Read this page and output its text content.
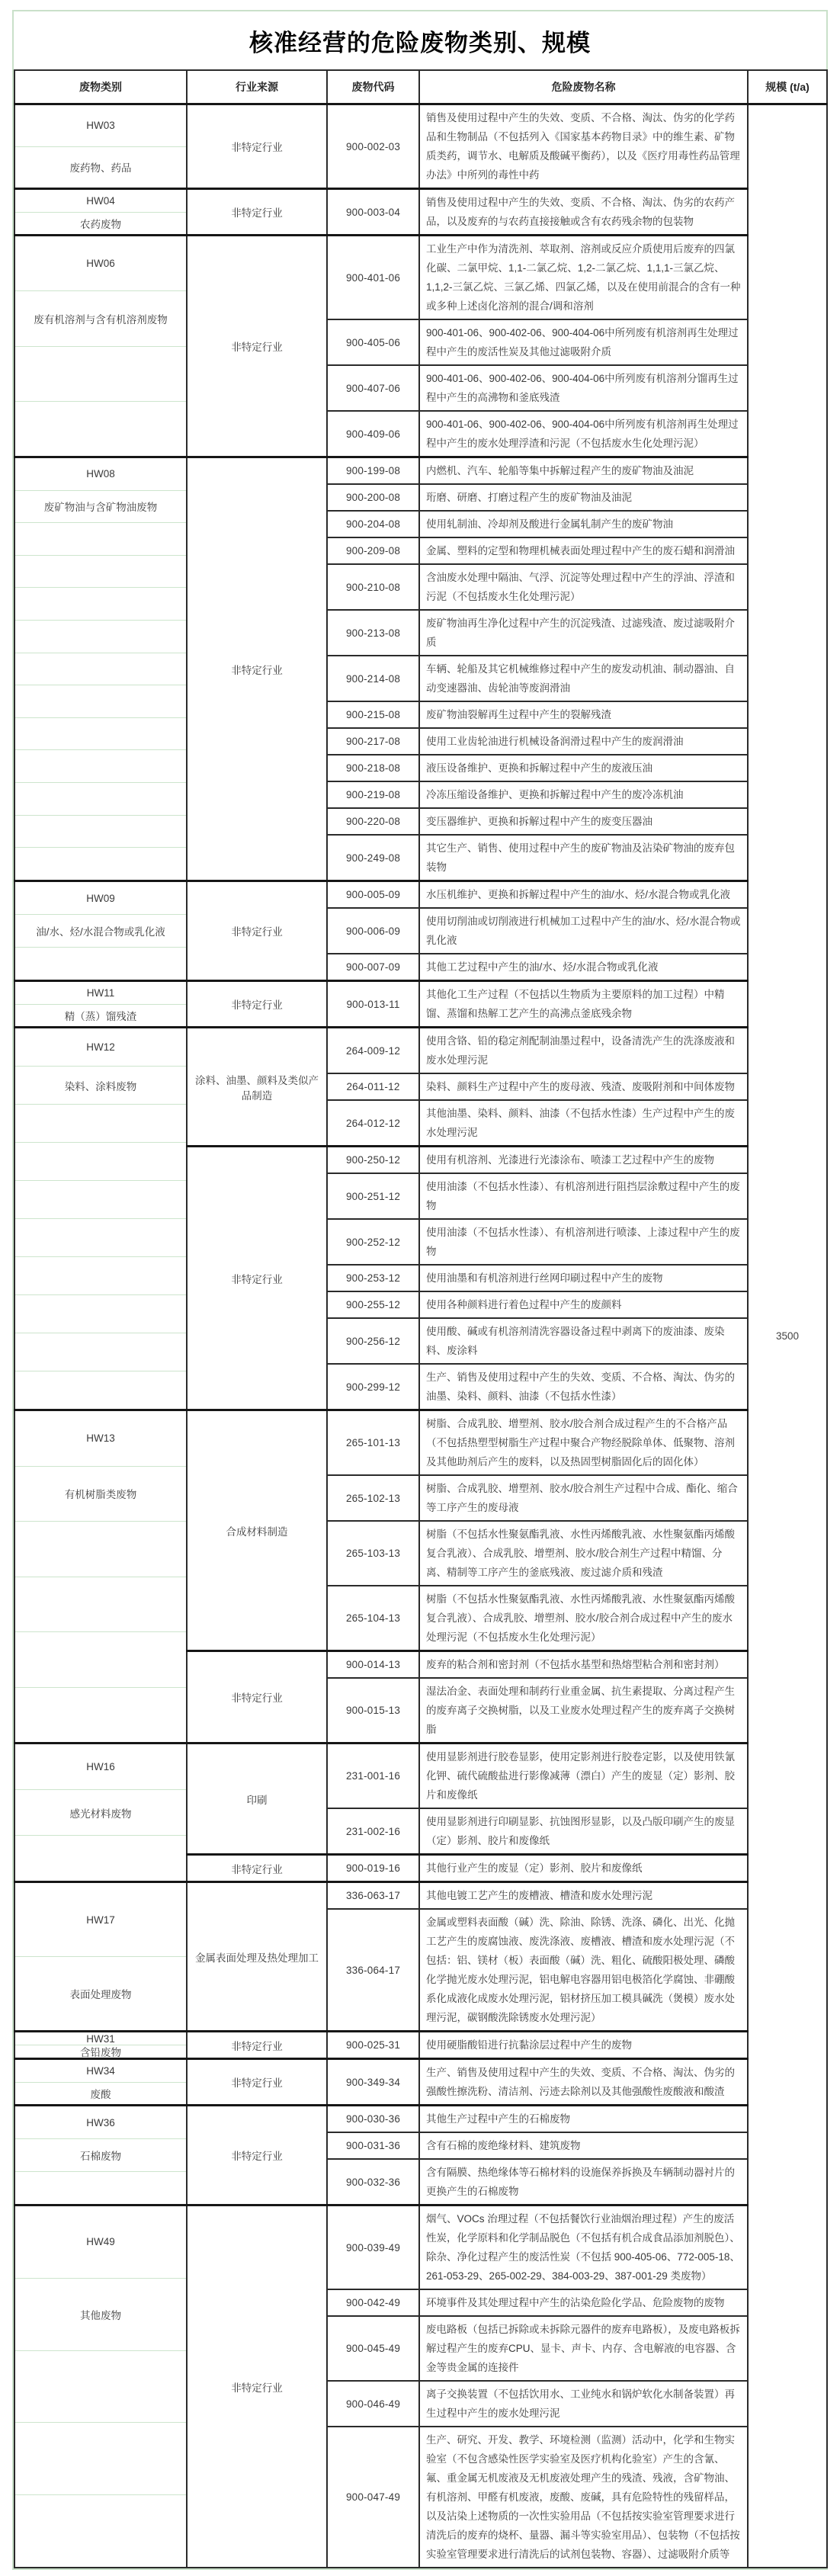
核准经营的危险废物类别、规模
废物类别	行业来源	废物代码	危险废物名称	规模 (t/a)

HW03
废药物、药品	非特定行业	900-002-03	销售及使用过程中产生的失效、变质、不合格、淘汰、伪劣的化学药品和生物制品（不包括列入《国家基本药物目录》中的维生素、矿物质类药，调节水、电解质及酸碱平衡药），以及《医疗用毒性药品管理办法》中所列的毒性中药	3500

HW04
农药废物	非特定行业	900-003-04	销售及使用过程中产生的失效、变质、不合格、淘汰、伪劣的农药产品，以及废弃的与农药直接接触或含有农药残余物的包装物	

HW06
废有机溶剂与含有机溶剂废物	非特定行业	900-401-06	工业生产中作为清洗剂、萃取剂、溶剂或反应介质使用后废弃的四氯化碳、二氯甲烷、1,1-二氯乙烷、1,2-二氯乙烷、1,1,1-三氯乙烷、1,1,2-三氯乙烷、三氯乙烯、四氯乙烯，以及在使用前混合的含有一种或多种上述卤化溶剂的混合/调和溶剂	
		900-405-06	900-401-06、900-402-06、900-404-06中所列废有机溶剂再生处理过程中产生的废活性炭及其他过滤吸附介质	
		900-407-06	900-401-06、900-402-06、900-404-06中所列废有机溶剂分馏再生过程中产生的高沸物和釜底残渣	
		900-409-06	900-401-06、900-402-06、900-404-06中所列废有机溶剂再生处理过程中产生的废水处理浮渣和污泥（不包括废水生化处理污泥）	

HW08
废矿物油与含矿物油废物	非特定行业	900-199-08	内燃机、汽车、轮船等集中拆解过程产生的废矿物油及油泥	
		900-200-08	珩磨、研磨、打磨过程产生的废矿物油及油泥	
		900-204-08	使用轧制油、冷却剂及酸进行金属轧制产生的废矿物油	
		900-209-08	金属、塑料的定型和物理机械表面处理过程中产生的废石蜡和润滑油	
		900-210-08	含油废水处理中隔油、气浮、沉淀等处理过程中产生的浮油、浮渣和污泥（不包括废水生化处理污泥）	
		900-213-08	废矿物油再生净化过程中产生的沉淀残渣、过滤残渣、废过滤吸附介质	
		900-214-08	车辆、轮船及其它机械维修过程中产生的废发动机油、制动器油、自动变速器油、齿轮油等废润滑油	
		900-215-08	废矿物油裂解再生过程中产生的裂解残渣	
		900-217-08	使用工业齿轮油进行机械设备润滑过程中产生的废润滑油	
		900-218-08	液压设备维护、更换和拆解过程中产生的废液压油	
		900-219-08	冷冻压缩设备维护、更换和拆解过程中产生的废冷冻机油	
		900-220-08	变压器维护、更换和拆解过程中产生的废变压器油	
		900-249-08	其它生产、销售、使用过程中产生的废矿物油及沾染矿物油的废弃包装物	

HW09
油/水、烃/水混合物或乳化液	非特定行业	900-005-09	水压机维护、更换和拆解过程中产生的油/水、烃/水混合物或乳化液	
		900-006-09	使用切削油或切削液进行机械加工过程中产生的油/水、烃/水混合物或乳化液	
		900-007-09	其他工艺过程中产生的油/水、烃/水混合物或乳化液	

HW11
精（蒸）馏残渣	非特定行业	900-013-11	其他化工生产过程（不包括以生物质为主要原料的加工过程）中精馏、蒸馏和热解工艺产生的高沸点釜底残余物	

HW12
染料、涂料废物	涂料、油墨、颜料及类似产品制造	264-009-12	使用含铬、铅的稳定剂配制油墨过程中，设备清洗产生的洗涤废液和废水处理污泥	
		264-011-12	染料、颜料生产过程中产生的废母液、残渣、废吸附剂和中间体废物	
		264-012-12	其他油墨、染料、颜料、油漆（不包括水性漆）生产过程中产生的废水处理污泥	
	非特定行业	900-250-12	使用有机溶剂、光漆进行光漆涂布、喷漆工艺过程中产生的废物	
		900-251-12	使用油漆（不包括水性漆）、有机溶剂进行阻挡层涂敷过程中产生的废物	
		900-252-12	使用油漆（不包括水性漆）、有机溶剂进行喷漆、上漆过程中产生的废物	
		900-253-12	使用油墨和有机溶剂进行丝网印刷过程中产生的废物	
		900-255-12	使用各种颜料进行着色过程中产生的废颜料	
		900-256-12	使用酸、碱或有机溶剂清洗容器设备过程中剥离下的废油漆、废染料、废涂料	
		900-299-12	生产、销售及使用过程中产生的失效、变质、不合格、淘汰、伪劣的油墨、染料、颜料、油漆（不包括水性漆）	

HW13
有机树脂类废物	合成材料制造	265-101-13	树脂、合成乳胶、增塑剂、胶水/胶合剂合成过程产生的不合格产品（不包括热塑型树脂生产过程中聚合产物经脱除单体、低聚物、溶剂及其他助剂后产生的废料，以及热固型树脂固化后的固化体）	
		265-102-13	树脂、合成乳胶、增塑剂、胶水/胶合剂生产过程中合成、酯化、缩合等工序产生的废母液	
		265-103-13	树脂（不包括水性聚氨酯乳液、水性丙烯酸乳液、水性聚氨酯丙烯酸复合乳液）、合成乳胶、增塑剂、胶水/胶合剂生产过程中精馏、分离、精制等工序产生的釜底残液、废过滤介质和残渣	
		265-104-13	树脂（不包括水性聚氨酯乳液、水性丙烯酸乳液、水性聚氨酯丙烯酸复合乳液）、合成乳胶、增塑剂、胶水/胶合剂合成过程中产生的废水处理污泥（不包括废水生化处理污泥）	
	非特定行业	900-014-13	废弃的粘合剂和密封剂（不包括水基型和热熔型粘合剂和密封剂）	
		900-015-13	湿法冶金、表面处理和制药行业重金属、抗生素提取、分离过程产生的废弃离子交换树脂，以及工业废水处理过程产生的废弃离子交换树脂	

HW16
感光材料废物	印刷	231-001-16	使用显影剂进行胶卷显影，使用定影剂进行胶卷定影，以及使用铁氰化钾、硫代硫酸盐进行影像减薄（漂白）产生的废显（定）影剂、胶片和废像纸	
		231-002-16	使用显影剂进行印刷显影、抗蚀图形显影，以及凸版印刷产生的废显（定）影剂、胶片和废像纸	
	非特定行业	900-019-16	其他行业产生的废显（定）影剂、胶片和废像纸	

HW17
表面处理废物	金属表面处理及热处理加工	336-063-17	其他电镀工艺产生的废槽液、槽渣和废水处理污泥	
		336-064-17	金属或塑料表面酸（碱）洗、除油、除锈、洗涤、磷化、出光、化抛工艺产生的废腐蚀液、废洗涤液、废槽液、槽渣和废水处理污泥（不包括：铝、镁材（板）表面酸（碱）洗、粗化、硫酸阳极处理、磷酸化学抛光废水处理污泥，铝电解电容器用铝电极箔化学腐蚀、非硼酸系化成液化成废水处理污泥，铝材挤压加工模具碱洗（煲模）废水处理污泥，碳钢酸洗除锈废水处理污泥）	

HW31
含铅废物	非特定行业	900-025-31	使用硬脂酸铅进行抗黏涂层过程中产生的废物	

HW34
废酸	非特定行业	900-349-34	生产、销售及使用过程中产生的失效、变质、不合格、淘汰、伪劣的强酸性擦洗粉、清洁剂、污迹去除剂以及其他强酸性废酸液和酸渣	

HW36
石棉废物	非特定行业	900-030-36	其他生产过程中产生的石棉废物	
		900-031-36	含有石棉的废绝缘材料、建筑废物	
		900-032-36	含有隔膜、热绝缘体等石棉材料的设施保养拆换及车辆制动器衬片的更换产生的石棉废物	

HW49
其他废物	非特定行业	900-039-49	烟气、VOCs 治理过程（不包括餐饮行业油烟治理过程）产生的废活性炭，化学原料和化学制品脱色（不包括有机合成食品添加剂脱色）、除杂、净化过程产生的废活性炭（不包括 900-405-06、772-005-18、261-053-29、265-002-29、384-003-29、387-001-29 类废物）	
		900-042-49	环境事件及其处理过程中产生的沾染危险化学品、危险废物的废物	
		900-045-49	废电路板（包括已拆除或未拆除元器件的废弃电路板），及废电路板拆解过程产生的废弃CPU、显卡、声卡、内存、含电解液的电容器、含金等贵金属的连接件	
		900-046-49	离子交换装置（不包括饮用水、工业纯水和锅炉软化水制备装置）再生过程中产生的废水处理污泥	
		900-047-49	生产、研究、开发、教学、环境检测（监测）活动中，化学和生物实验室（不包含感染性医学实验室及医疗机构化验室）产生的含氰、氟、重金属无机废液及无机废液处理产生的残渣、残液，含矿物油、有机溶剂、甲醛有机废液，废酸、废碱，具有危险特性的残留样品，以及沾染上述物质的一次性实验用品（不包括按实验室管理要求进行清洗后的废弃的烧杯、量器、漏斗等实验室用品）、包装物（不包括按实验室管理要求进行清洗后的试剂包装物、容器）、过滤吸附介质等	
